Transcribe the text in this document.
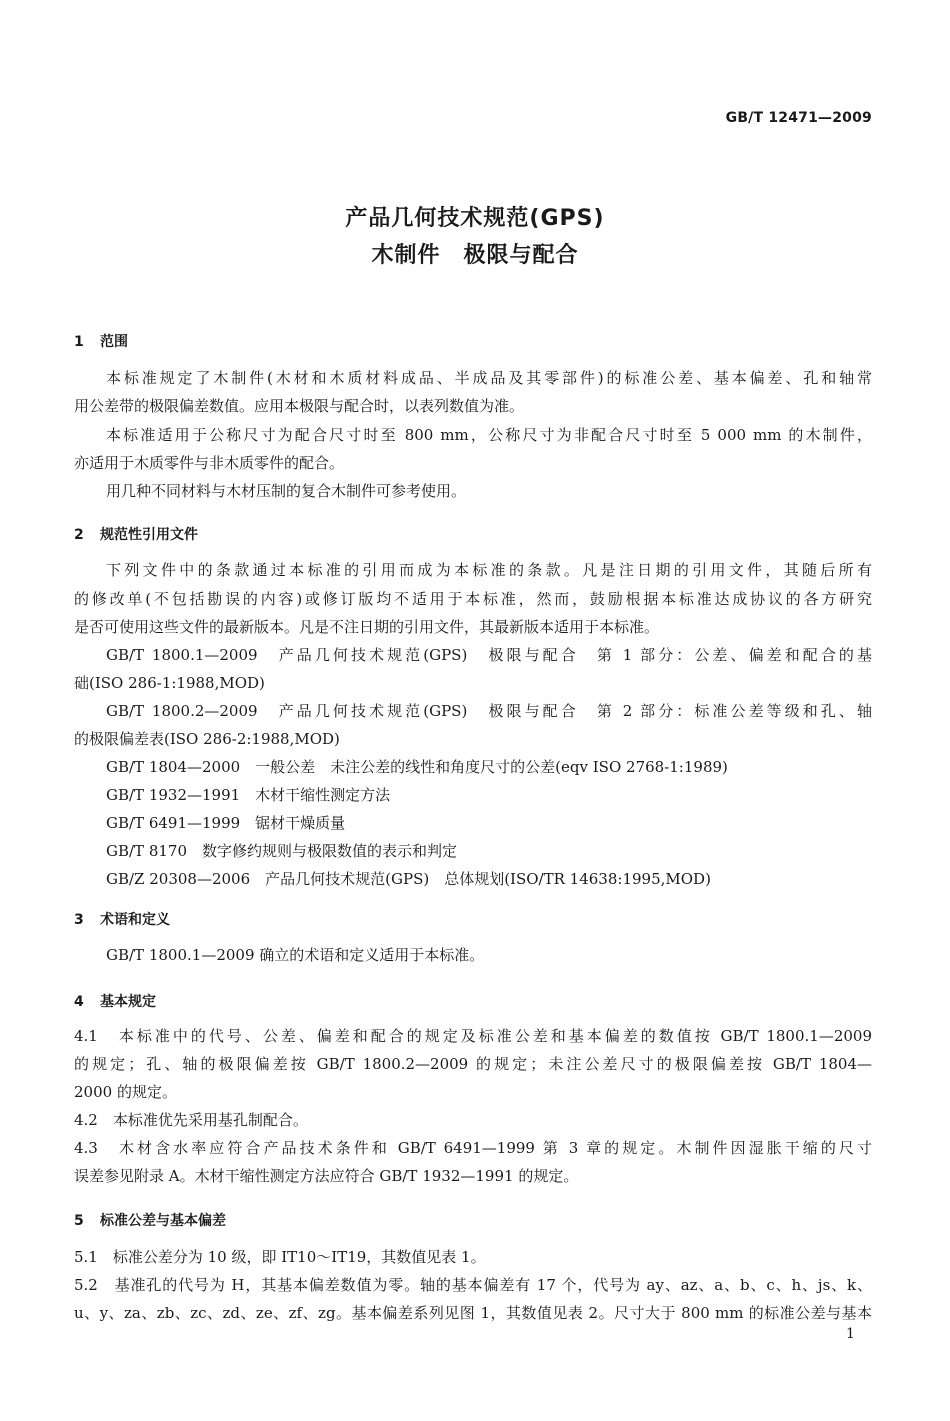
GB/T 12471—2009
产品几何技术规范(GPS)
木制件　极限与配合
1 范围
本标准规定了木制件(木材和木质材料成品、半成品及其零部件)的标准公差、基本偏差、孔和轴常
用公差带的极限偏差数值。应用本极限与配合时，以表列数值为准。
本标准适用于公称尺寸为配合尺寸时至 800 mm，公称尺寸为非配合尺寸时至 5 000 mm 的木制件，
亦适用于木质零件与非木质零件的配合。
用几种不同材料与木材压制的复合木制件可参考使用。
2 规范性引用文件
下列文件中的条款通过本标准的引用而成为本标准的条款。凡是注日期的引用文件，其随后所有
的修改单(不包括勘误的内容)或修订版均不适用于本标准，然而，鼓励根据本标准达成协议的各方研究
是否可使用这些文件的最新版本。凡是不注日期的引用文件，其最新版本适用于本标准。
GB/T 1800.1—2009　产品几何技术规范(GPS)　极限与配合　第 1 部分：公差、偏差和配合的基
础(ISO 286-1:1988,MOD)
GB/T 1800.2—2009　产品几何技术规范(GPS)　极限与配合　第 2 部分：标准公差等级和孔、轴
的极限偏差表(ISO 286-2:1988,MOD)
GB/T 1804—2000　一般公差　未注公差的线性和角度尺寸的公差(eqv ISO 2768-1:1989)
GB/T 1932—1991　木材干缩性测定方法
GB/T 6491—1999　锯材干燥质量
GB/T 8170　数字修约规则与极限数值的表示和判定
GB/Z 20308—2006　产品几何技术规范(GPS)　总体规划(ISO/TR 14638:1995,MOD)
3 术语和定义
GB/T 1800.1—2009 确立的术语和定义适用于本标准。
4 基本规定
4.1　本标准中的代号、公差、偏差和配合的规定及标准公差和基本偏差的数值按 GB/T 1800.1—2009
的规定；孔、轴的极限偏差按 GB/T 1800.2—2009 的规定；未注公差尺寸的极限偏差按 GB/T 1804—
2000 的规定。
4.2　本标准优先采用基孔制配合。
4.3　木材含水率应符合产品技术条件和 GB/T 6491—1999 第 3 章的规定。木制件因湿胀干缩的尺寸
误差参见附录 A。木材干缩性测定方法应符合 GB/T 1932—1991 的规定。
5 标准公差与基本偏差
5.1　标准公差分为 10 级，即 IT10～IT19，其数值见表 1。
5.2　基准孔的代号为 H，其基本偏差数值为零。轴的基本偏差有 17 个，代号为 ay、az、a、b、c、h、js、k、
u、y、za、zb、zc、zd、ze、zf、zg。基本偏差系列见图 1，其数值见表 2。尺寸大于 800 mm 的标准公差与基本
1
